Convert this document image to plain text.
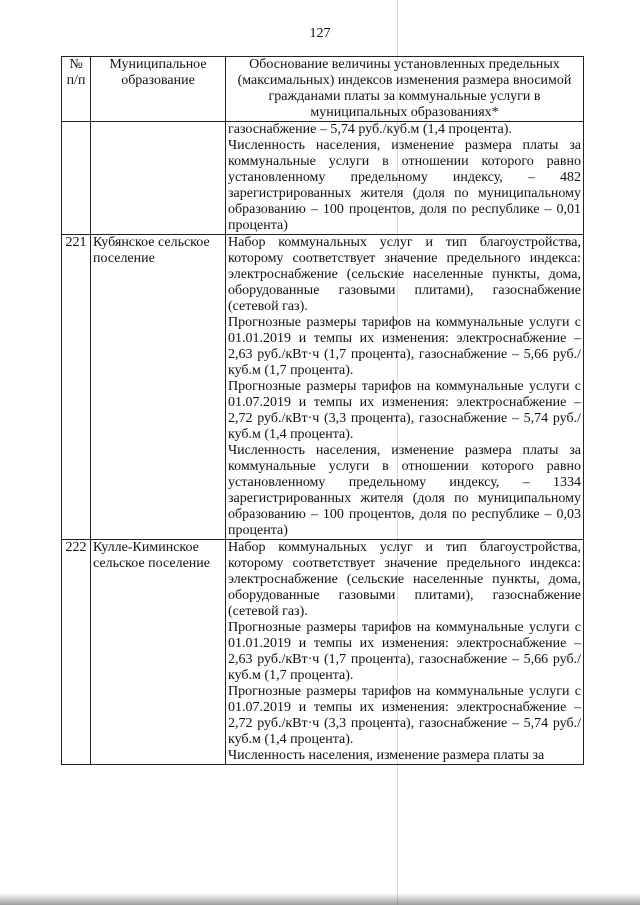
127
№ п/п	Муниципальное образование	Обоснование величины установленных предельных (максимальных) индексов изменения размера вносимой гражданами платы за коммунальные услуги в муниципальных образованиях*

		газоснабжение – 5,74 руб./куб.м (1,4 процента).

Численность населения, изменение размера платы за коммунальные услуги в отношении которого равно установленному предельному индексу, – 482 зарегистрированных жителя (доля по муниципальному образованию – 100 процентов, доля по республике – 0,01 процента)

221	Кубянское сельское поселение	Набор коммунальных услуг и тип благоустройства, которому соответствует значение предельного индекса: электроснабжение (сельские населенные пункты, дома, оборудованные газовыми плитами), газоснабжение (сетевой газ).

Прогнозные размеры тарифов на коммунальные услуги с 01.01.2019 и темпы их изменения: электроснабжение – 2,63 руб./кВт·ч (1,7 процента), газоснабжение – 5,66 руб./куб.м (1,7 процента).

Прогнозные размеры тарифов на коммунальные услуги с 01.07.2019 и темпы их изменения: электроснабжение – 2,72 руб./кВт·ч (3,3 процента), газоснабжение – 5,74 руб./куб.м (1,4 процента).

Численность населения, изменение размера платы за коммунальные услуги в отношении которого равно установленному предельному индексу, – 1334 зарегистрированных жителя (доля по муниципальному образованию – 100 процентов, доля по республике – 0,03 процента)

222	Кулле-Киминское сельское поселение	Набор коммунальных услуг и тип благоустройства, которому соответствует значение предельного индекса: электроснабжение (сельские населенные пункты, дома, оборудованные газовыми плитами), газоснабжение (сетевой газ).

Прогнозные размеры тарифов на коммунальные услуги с 01.01.2019 и темпы их изменения: электроснабжение – 2,63 руб./кВт·ч (1,7 процента), газоснабжение – 5,66 руб./куб.м (1,7 процента).

Прогнозные размеры тарифов на коммунальные услуги с 01.07.2019 и темпы их изменения: электроснабжение – 2,72 руб./кВт·ч (3,3 процента), газоснабжение – 5,74 руб./куб.м (1,4 процента).

Численность населения, изменение размера платы за
